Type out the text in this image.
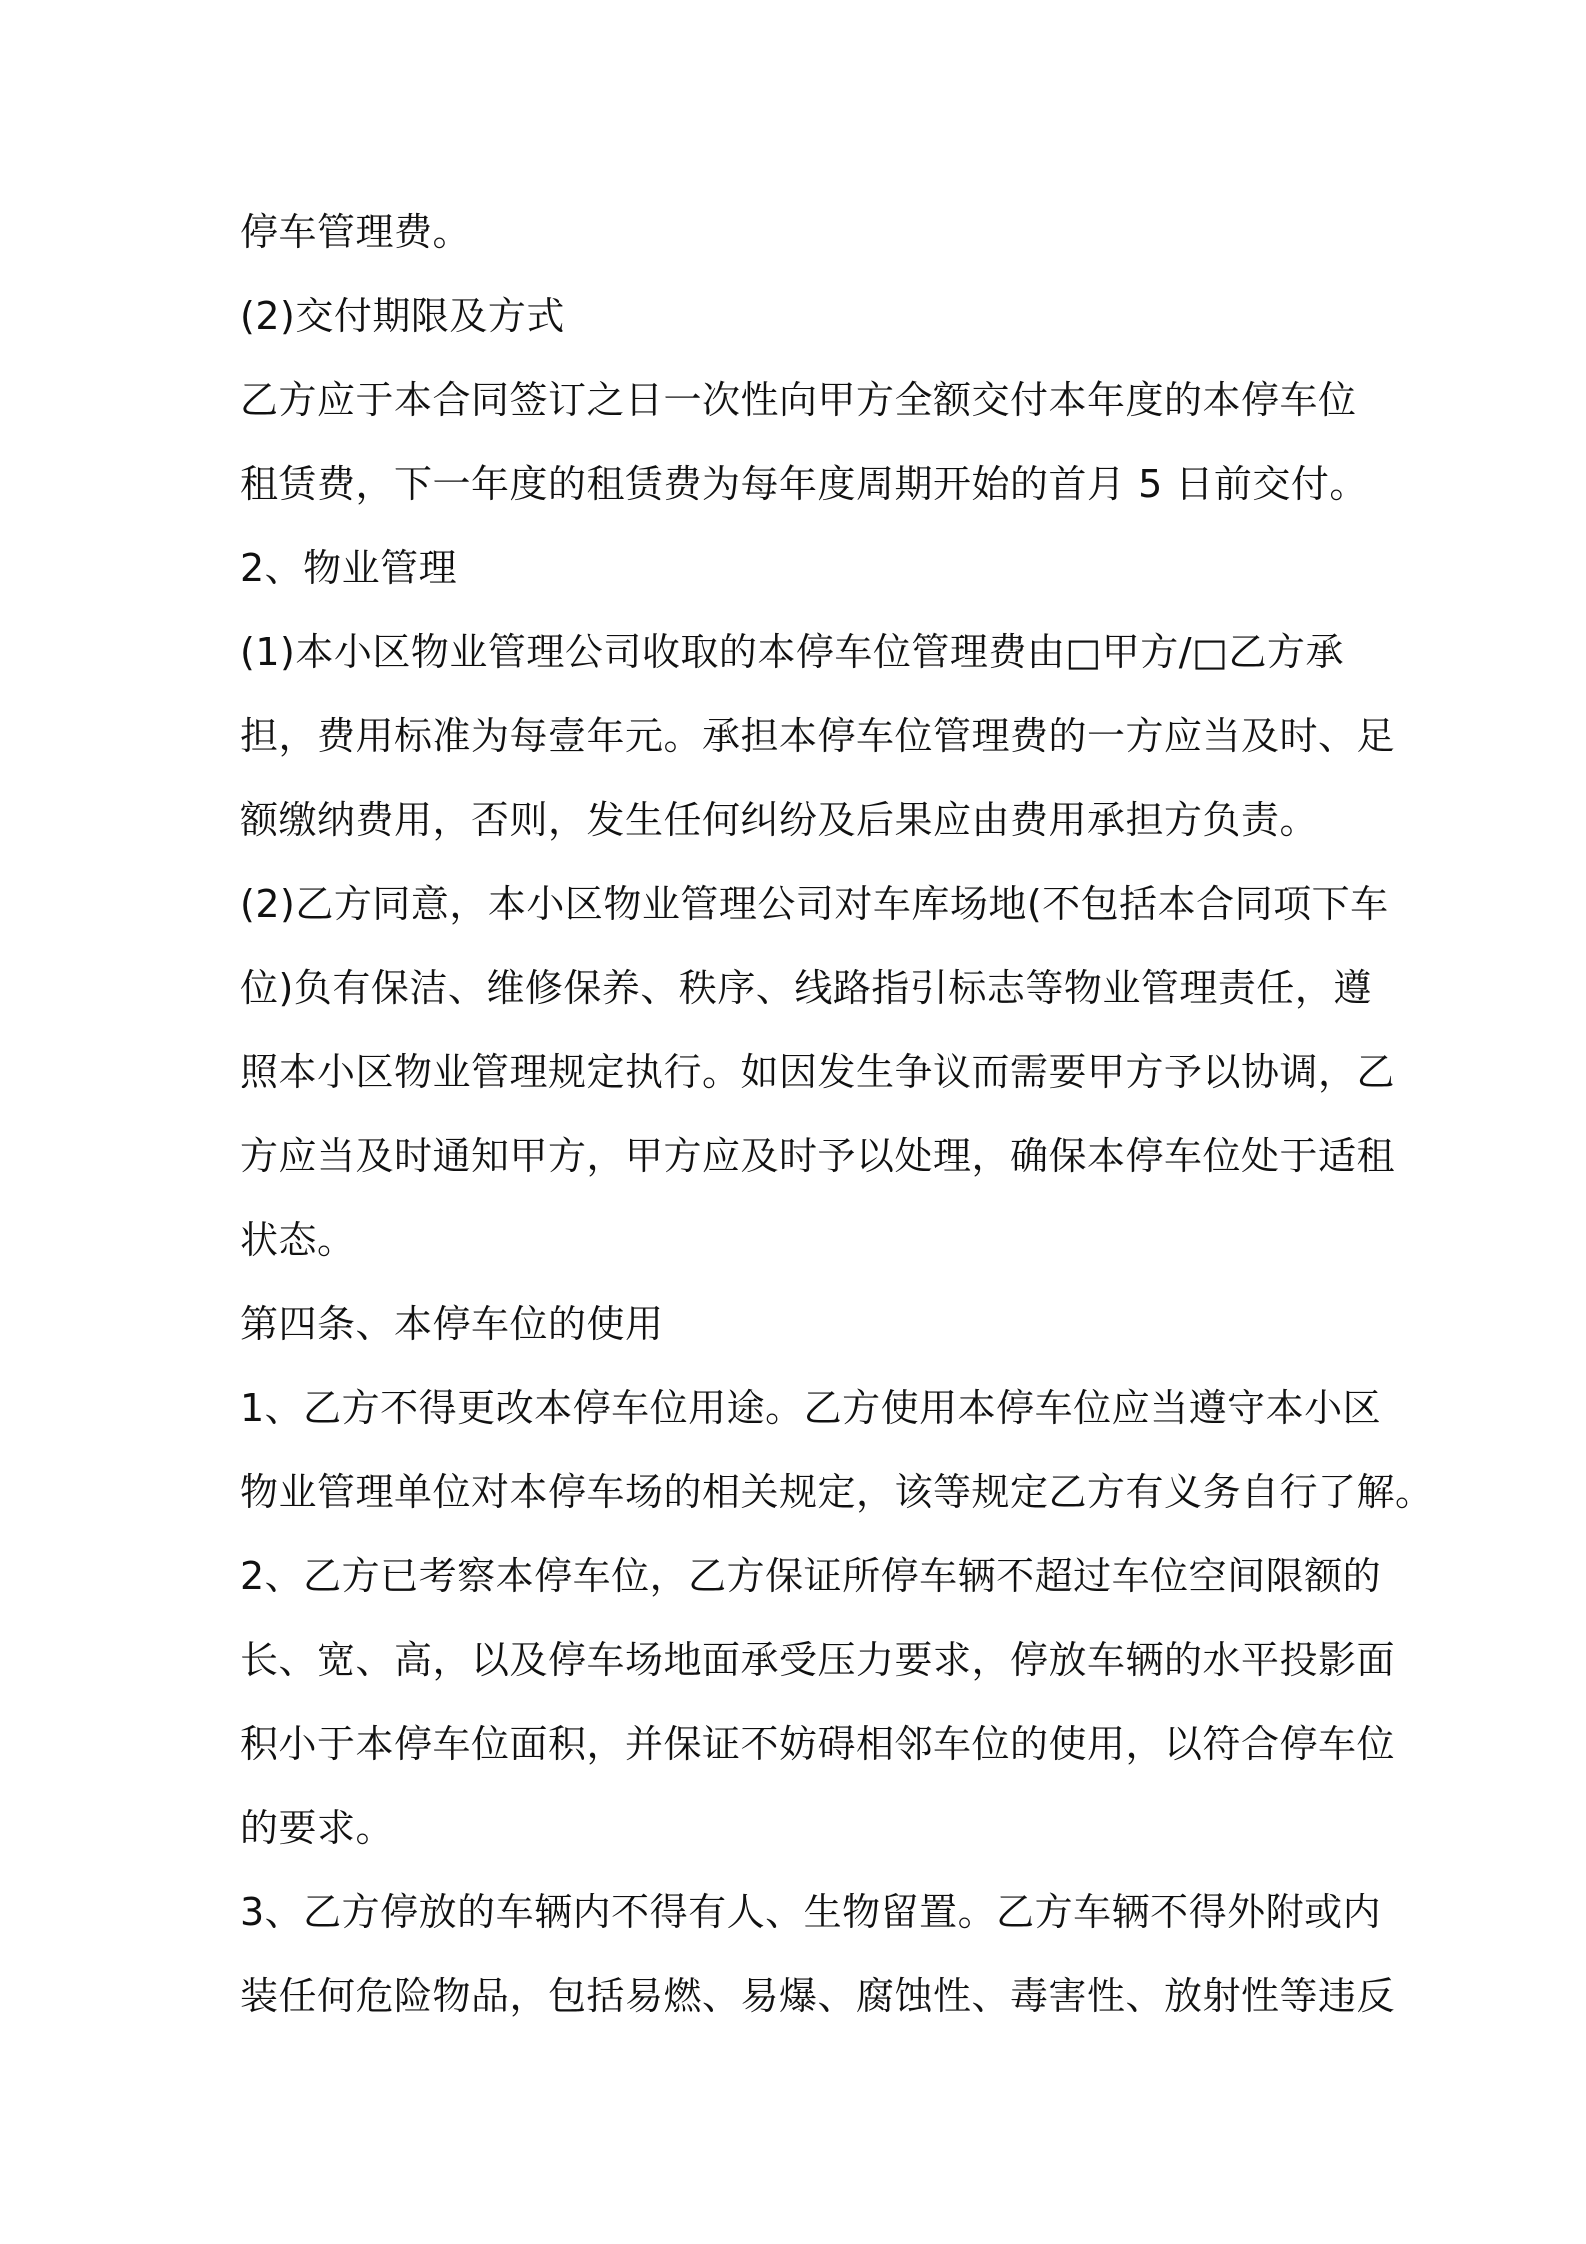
停车管理费。
(2)交付期限及方式
乙方应于本合同签订之日一次性向甲方全额交付本年度的本停车位
租赁费，下一年度的租赁费为每年度周期开始的首月 5 日前交付。
2、物业管理
(1)本小区物业管理公司收取的本停车位管理费由□甲方/□乙方承
担，费用标准为每壹年元。承担本停车位管理费的一方应当及时、足
额缴纳费用，否则，发生任何纠纷及后果应由费用承担方负责。
(2)乙方同意，本小区物业管理公司对车库场地(不包括本合同项下车
位)负有保洁、维修保养、秩序、线路指引标志等物业管理责任，遵
照本小区物业管理规定执行。如因发生争议而需要甲方予以协调，乙
方应当及时通知甲方，甲方应及时予以处理，确保本停车位处于适租
状态。
第四条、本停车位的使用
1、乙方不得更改本停车位用途。乙方使用本停车位应当遵守本小区
物业管理单位对本停车场的相关规定，该等规定乙方有义务自行了解。
2、乙方已考察本停车位，乙方保证所停车辆不超过车位空间限额的
长、宽、高，以及停车场地面承受压力要求，停放车辆的水平投影面
积小于本停车位面积，并保证不妨碍相邻车位的使用，以符合停车位
的要求。
3、乙方停放的车辆内不得有人、生物留置。乙方车辆不得外附或内
装任何危险物品，包括易燃、易爆、腐蚀性、毒害性、放射性等违反
